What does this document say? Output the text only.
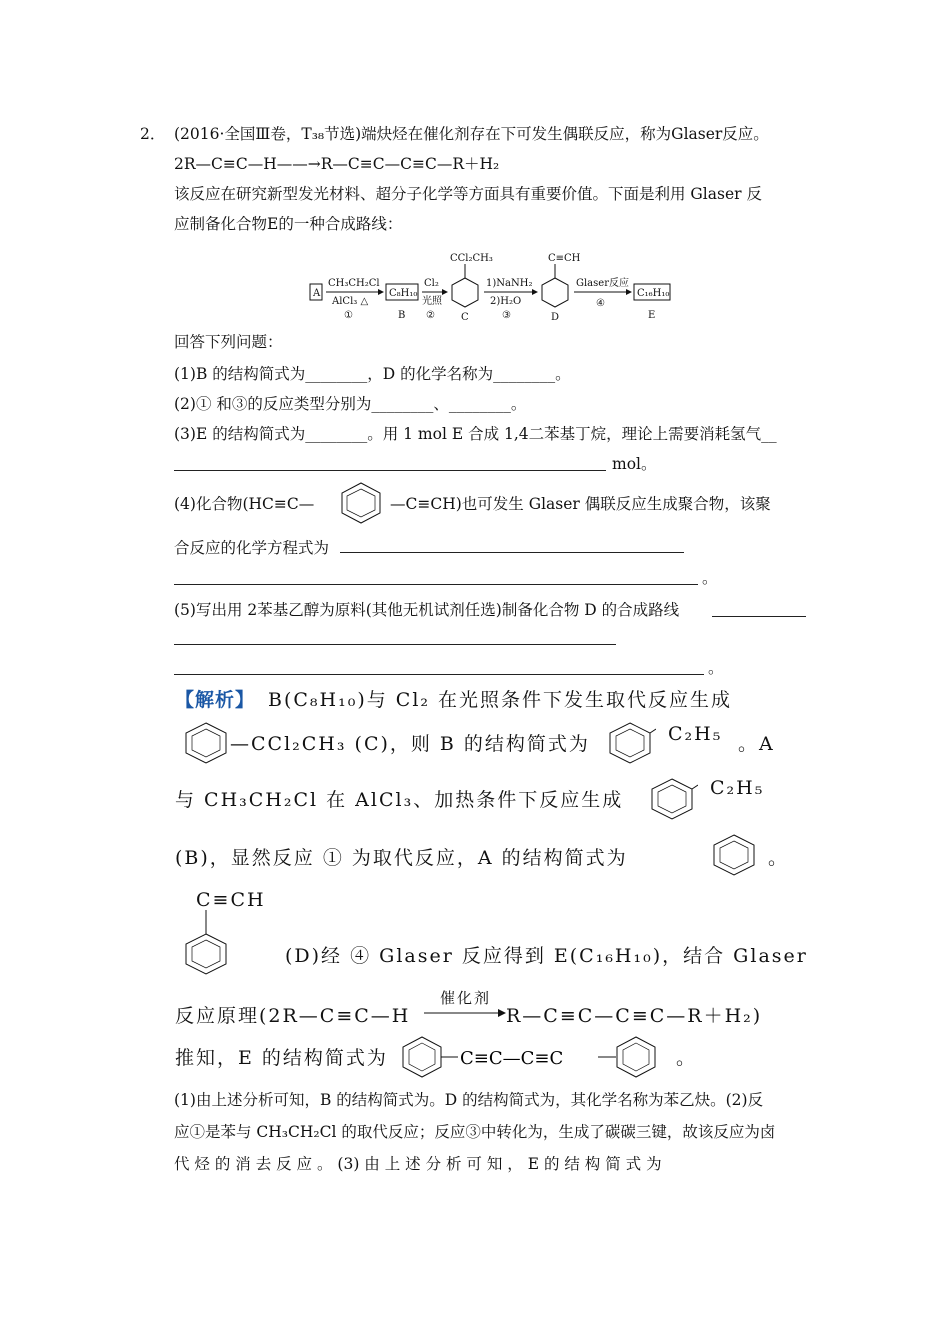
2． (2016·全国Ⅲ卷，T₃₈节选)端炔烃在催化剂存在下可发生偶联反应，称为Glaser反应。
2R—C≡C—H——→R—C≡C—C≡C—R＋H₂
该反应在研究新型发光材料、超分子化学等方面具有重要价值。下面是利用 Glaser 反
应制备化合物E的一种合成路线：
A
CH₃CH₂Cl
AlCl₃ △
①
C₈H₁₀
B
Cl₂
光照
②
CCl₂CH₃
C
1)NaNH₂
2)H₂O
③
C≡CH
D
Glaser反应
④
C₁₆H₁₀
E
回答下列问题：
(1)B 的结构简式为________，D 的化学名称为________。
(2)① 和③的反应类型分别为________、________。
(3)E 的结构简式为________。用 1 mol E 合成 1,4二苯基丁烷，理论上需要消耗氢气__
mol。
(4)化合物(HC≡C—	—C≡CH)也可发生 Glaser 偶联反应生成聚合物，该聚
合反应的化学方程式为
。
(5)写出用 2苯基乙醇为原料(其他无机试剂任选)制备化合物 D 的合成路线
。
【解析】 B(C₈H₁₀)与 Cl₂ 在光照条件下发生取代反应生成
—CCl₂CH₃ (C)，则 B 的结构简式为	C₂H₅ 。A
与 CH₃CH₂Cl 在 AlCl₃、加热条件下反应生成
C₂H₅
(B)，显然反应 ① 为取代反应，A 的结构简式为	。
C≡CH
(D)经 ④ Glaser 反应得到 E(C₁₆H₁₀)，结合 Glaser
反应原理(2R—C≡C—H
催化剂
R—C≡C—C≡C—R＋H₂)
推知，E 的结构简式为	C≡C—C≡C	。
(1)由上述分析可知，B 的结构简式为。D 的结构简式为，其化学名称为苯乙炔。(2)反
应①是苯与 CH₃CH₂Cl 的取代反应；反应③中转化为，生成了碳碳三键，故该反应为卤
代 烃 的 消 去 反 应 。 (3) 由 上 述 分 析 可 知 ， E 的 结 构 简 式 为
